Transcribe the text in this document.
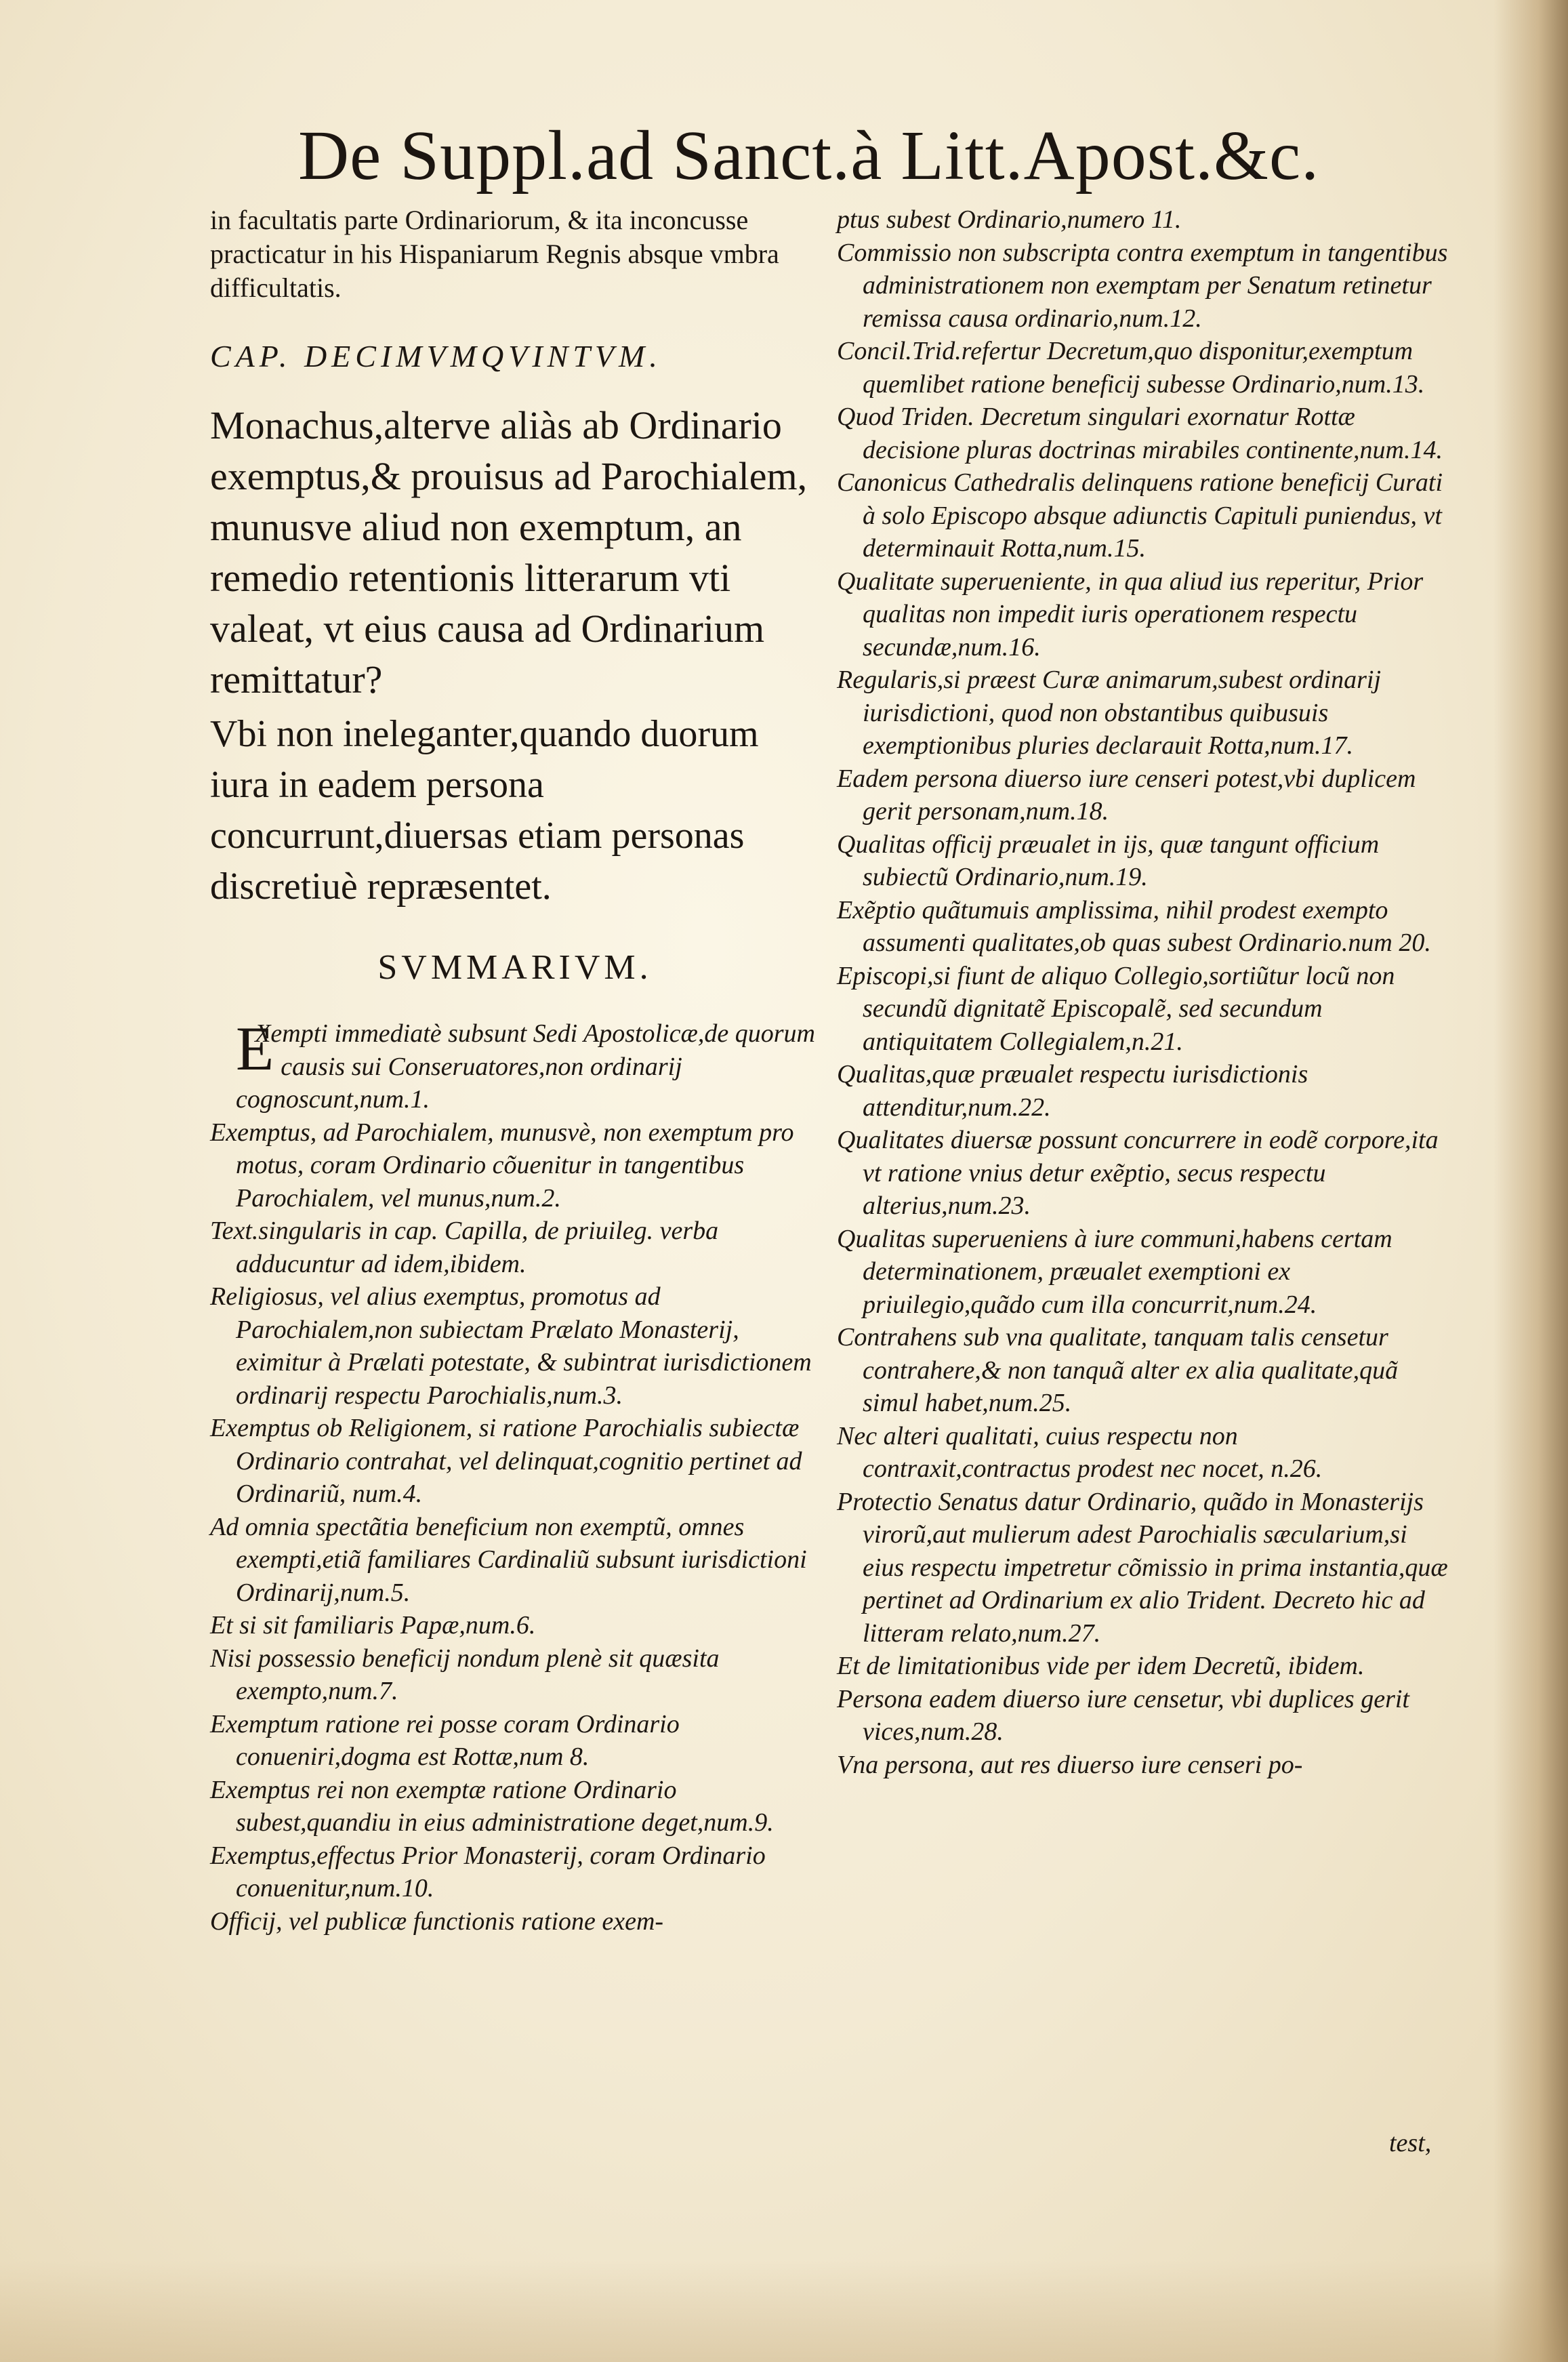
De Suppl.ad Sanct.à Litt.Apost.&c.

in facultatis parte Ordinariorum, & ita inconcusse practicatur in his Hispaniarum Regnis absque vmbra difficultatis.

CAP. DECIMVMQVINTVM.

Monachus,alterve aliàs ab Ordinario exemptus,& prouisus ad Parochialem, munusve aliud non exemptum, an remedio retentionis litterarum vti valeat, vt eius causa ad Ordinarium remittatur?

Vbi non ineleganter,quando duorum iura in eadem persona concurrunt,diuersas etiam personas discretiuè repræsentet.

SVMMARIVM.
E
Xempti immediatè subsunt Sedi Apostolicæ,de quorum causis sui Conseruatores,non ordinarij cognoscunt,num.1.
Exemptus, ad Parochialem, munusvè, non exemptum pro motus, coram Ordinario cõuenitur in tangentibus Parochialem, vel munus,num.2.
Text.singularis in cap. Capilla, de priuileg. verba adducuntur ad idem,ibidem.
Religiosus, vel alius exemptus, promotus ad Parochialem,non subiectam Prælato Monasterij, eximitur à Prælati potestate, & subintrat iurisdictionem ordinarij respectu Parochialis,num.3.
Exemptus ob Religionem, si ratione Parochialis subiectæ Ordinario contrahat, vel delinquat,cognitio pertinet ad Ordinariũ, num.4.
Ad omnia spectãtia beneficium non exemptũ, omnes exempti,etiã familiares Cardinaliũ subsunt iurisdictioni Ordinarij,num.5.
Et si sit familiaris Papæ,num.6.
Nisi possessio beneficij nondum plenè sit quæsita exempto,num.7.
Exemptum ratione rei posse coram Ordinario conueniri,dogma est Rottæ,num 8.
Exemptus rei non exemptæ ratione Ordinario subest,quandiu in eius administratione deget,num.9.
Exemptus,effectus Prior Monasterij, coram Ordinario conuenitur,num.10.
Officij, vel publicæ functionis ratione exem-
ptus subest Ordinario,numero 11.
Commissio non subscripta contra exemptum in tangentibus administrationem non exemptam per Senatum retinetur remissa causa ordinario,num.12.
Concil.Trid.refertur Decretum,quo disponitur,exemptum quemlibet ratione beneficij subesse Ordinario,num.13.
Quod Triden. Decretum singulari exornatur Rottæ decisione pluras doctrinas mirabiles continente,num.14.
Canonicus Cathedralis delinquens ratione beneficij Curati à solo Episcopo absque adiunctis Capituli puniendus, vt determinauit Rotta,num.15.
Qualitate superueniente, in qua aliud ius reperitur, Prior qualitas non impedit iuris operationem respectu secundæ,num.16.
Regularis,si præest Curæ animarum,subest ordinarij iurisdictioni, quod non obstantibus quibusuis exemptionibus pluries declarauit Rotta,num.17.
Eadem persona diuerso iure censeri potest,vbi duplicem gerit personam,num.18.
Qualitas officij præualet in ijs, quæ tangunt officium subiectũ Ordinario,num.19.
Exẽptio quãtumuis amplissima, nihil prodest exempto assumenti qualitates,ob quas subest Ordinario.num 20.
Episcopi,si fiunt de aliquo Collegio,sortiũtur locũ non secundũ dignitatẽ Episcopalẽ, sed secundum antiquitatem Collegialem,n.21.
Qualitas,quæ præualet respectu iurisdictionis attenditur,num.22.
Qualitates diuersæ possunt concurrere in eodẽ corpore,ita vt ratione vnius detur exẽptio, secus respectu alterius,num.23.
Qualitas superueniens à iure communi,habens certam determinationem, præualet exemptioni ex priuilegio,quãdo cum illa concurrit,num.24.
Contrahens sub vna qualitate, tanquam talis censetur contrahere,& non tanquã alter ex alia qualitate,quã simul habet,num.25.
Nec alteri qualitati, cuius respectu non contraxit,contractus prodest nec nocet, n.26.
Protectio Senatus datur Ordinario, quãdo in Monasterijs virorũ,aut mulierum adest Parochialis sæcularium,si eius respectu impetretur cõmissio in prima instantia,quæ pertinet ad Ordinarium ex alio Trident. Decreto hic ad litteram relato,num.27.
Et de limitationibus vide per idem Decretũ, ibidem.
Persona eadem diuerso iure censetur, vbi duplices gerit vices,num.28.
Vna persona, aut res diuerso iure censeri po-
test,
